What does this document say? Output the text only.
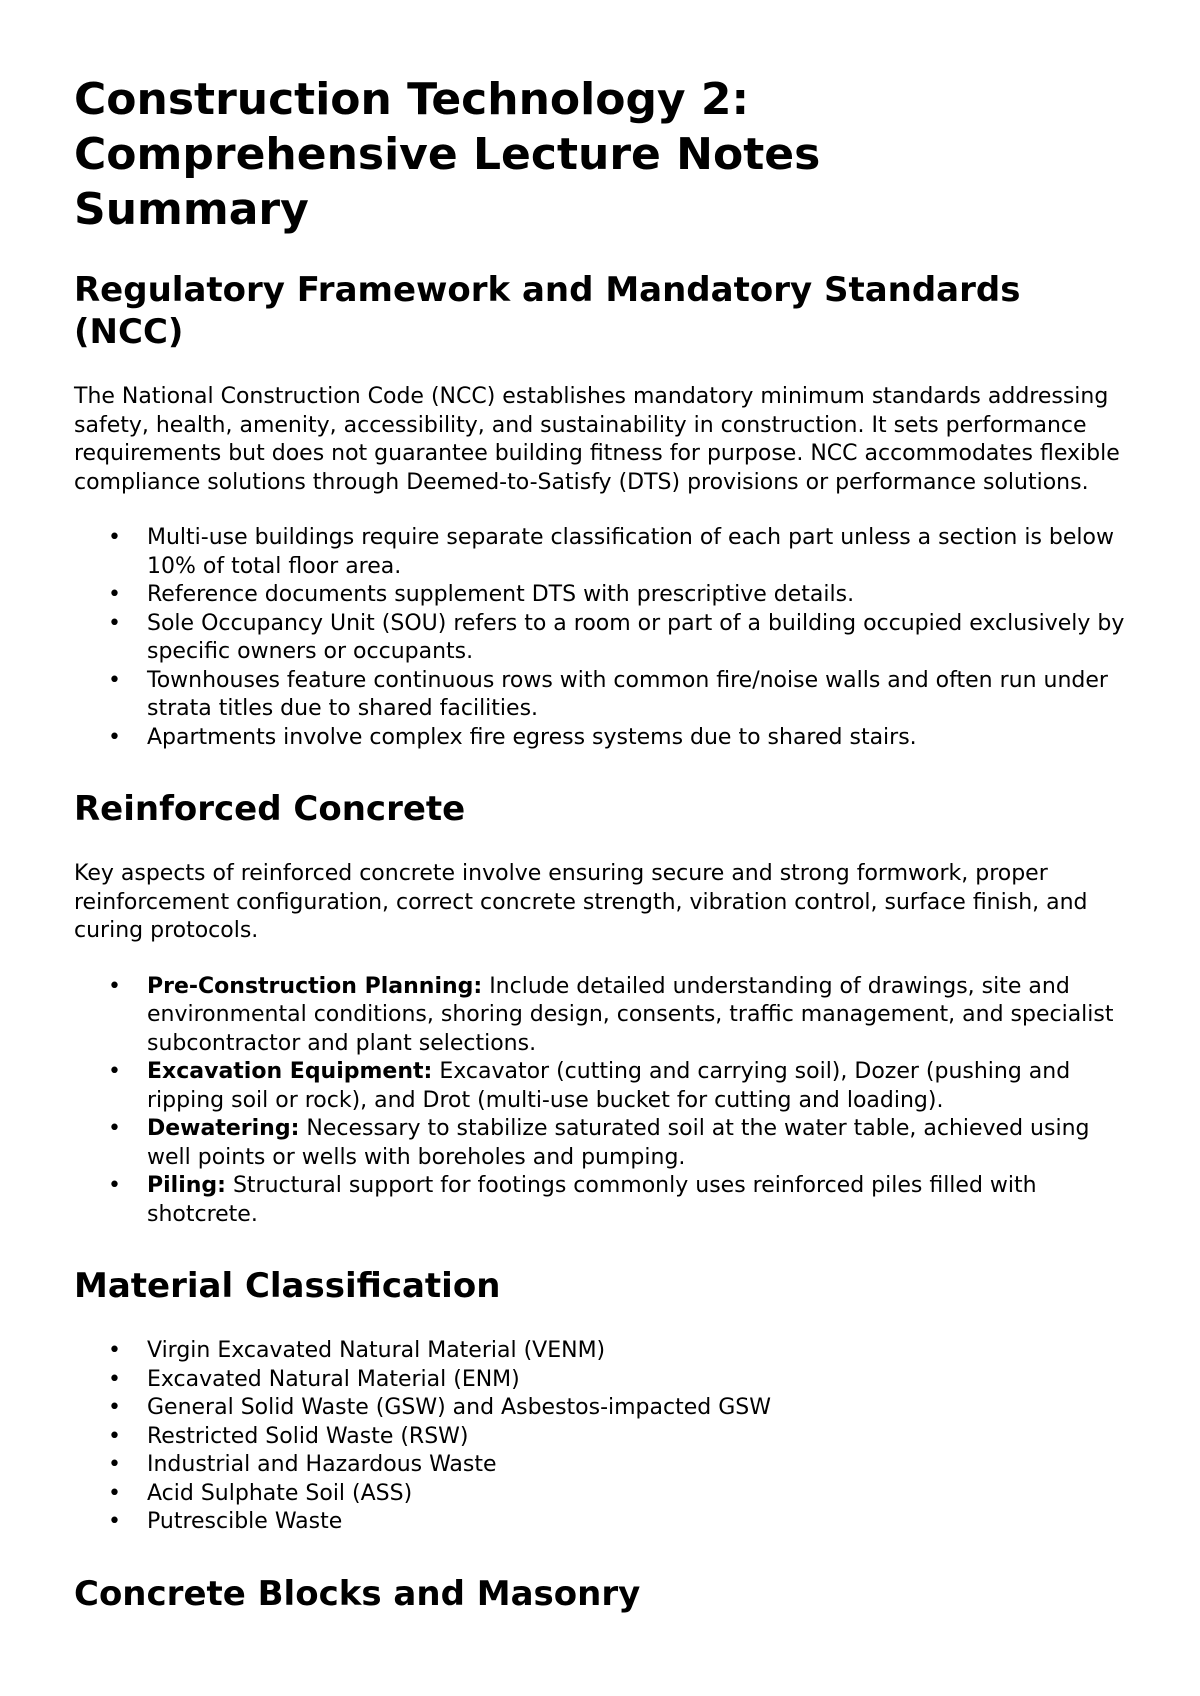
Construction Technology 2: Comprehensive Lecture Notes Summary
Regulatory Framework and Mandatory Standards (NCC)

The National Construction Code (NCC) establishes mandatory minimum standards addressing safety, health, amenity, accessibility, and sustainability in construction. It sets performance requirements but does not guarantee building fitness for purpose. NCC accommodates flexible compliance solutions through Deemed-to-Satisfy (DTS) provisions or performance solutions.

• Multi-use buildings require separate classification of each part unless a section is below 10% of total floor area.
• Reference documents supplement DTS with prescriptive details.
• Sole Occupancy Unit (SOU) refers to a room or part of a building occupied exclusively by specific owners or occupants.
• Townhouses feature continuous rows with common fire/noise walls and often run under strata titles due to shared facilities.
• Apartments involve complex fire egress systems due to shared stairs.
Reinforced Concrete

Key aspects of reinforced concrete involve ensuring secure and strong formwork, proper reinforcement configuration, correct concrete strength, vibration control, surface finish, and curing protocols.

• Pre-Construction Planning: Include detailed understanding of drawings, site and environmental conditions, shoring design, consents, traffic management, and specialist subcontractor and plant selections.
• Excavation Equipment: Excavator (cutting and carrying soil), Dozer (pushing and ripping soil or rock), and Drot (multi-use bucket for cutting and loading).
• Dewatering: Necessary to stabilize saturated soil at the water table, achieved using well points or wells with boreholes and pumping.
• Piling: Structural support for footings commonly uses reinforced piles filled with shotcrete.
Material Classification
• Virgin Excavated Natural Material (VENM)
• Excavated Natural Material (ENM)
• General Solid Waste (GSW) and Asbestos-impacted GSW
• Restricted Solid Waste (RSW)
• Industrial and Hazardous Waste
• Acid Sulphate Soil (ASS)
• Putrescible Waste
Concrete Blocks and Masonry
